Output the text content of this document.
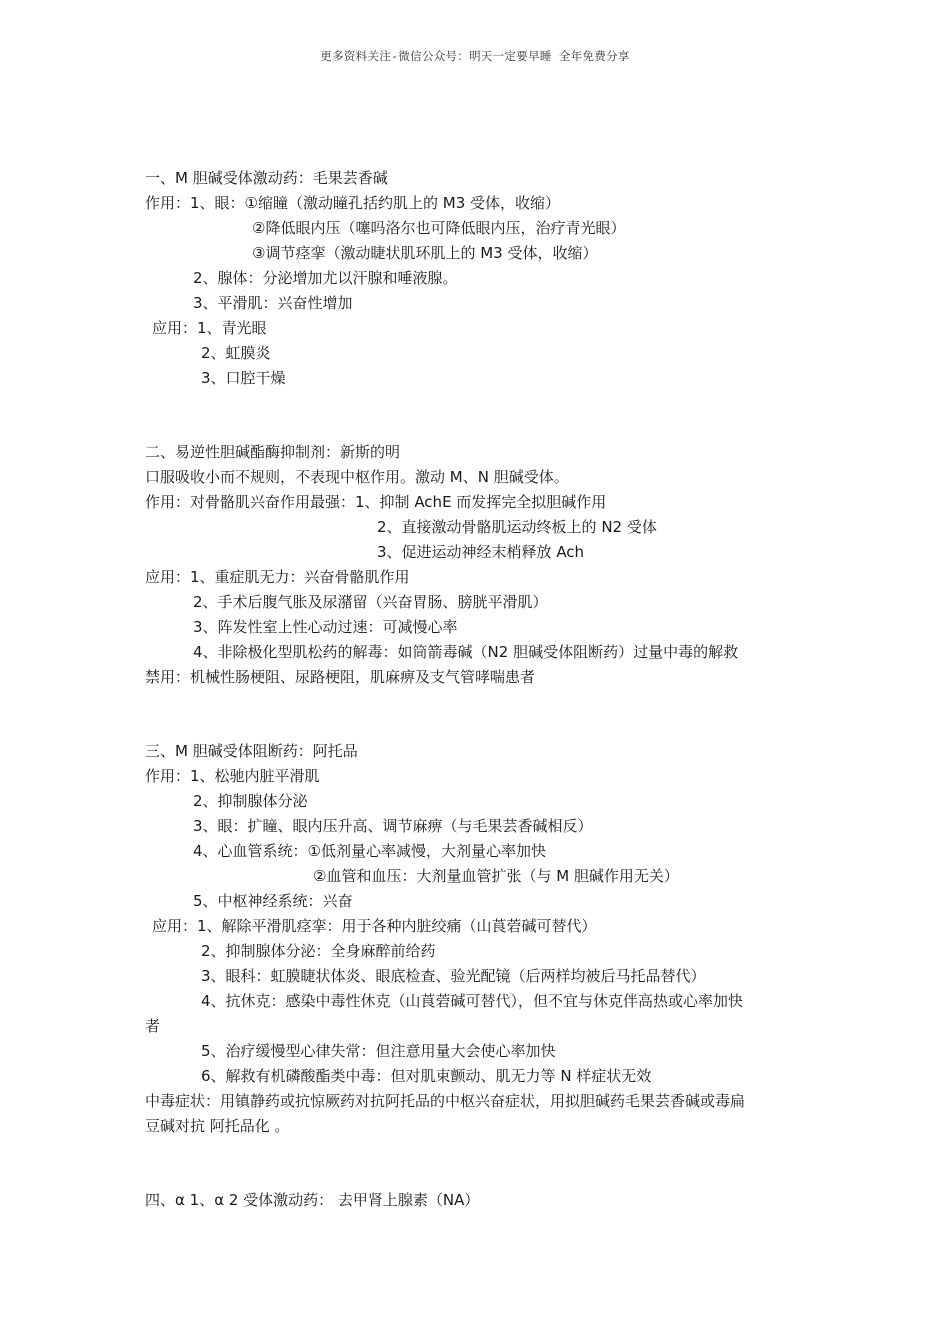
更多资料关注-微信公众号：明天一定要早睡 全年免费分享
一、M 胆碱受体激动药：毛果芸香碱
作用：1、眼：①缩瞳（激动瞳孔括约肌上的 M3 受体，收缩）
②降低眼内压（噻吗洛尔也可降低眼内压，治疗青光眼）
③调节痉挛（激动睫状肌环肌上的 M3 受体，收缩）
2、腺体：分泌增加尤以汗腺和唾液腺。
3、平滑肌：兴奋性增加
应用：1、青光眼
2、虹膜炎
3、口腔干燥
二、易逆性胆碱酯酶抑制剂：新斯的明
口服吸收小而不规则，不表现中枢作用。激动 M、N 胆碱受体。
作用：对骨骼肌兴奋作用最强：1、抑制 AchE 而发挥完全拟胆碱作用
2、直接激动骨骼肌运动终板上的 N2 受体
3、促进运动神经末梢释放 Ach
应用：1、重症肌无力：兴奋骨骼肌作用
2、手术后腹气胀及尿潴留（兴奋胃肠、膀胱平滑肌）
3、阵发性室上性心动过速：可减慢心率
4、非除极化型肌松药的解毒：如筒箭毒碱（N2 胆碱受体阻断药）过量中毒的解救
禁用：机械性肠梗阻、尿路梗阻，肌麻痹及支气管哮喘患者
三、M 胆碱受体阻断药：阿托品
作用：1、松驰内脏平滑肌
2、抑制腺体分泌
3、眼：扩瞳、眼内压升高、调节麻痹（与毛果芸香碱相反）
4、心血管系统：①低剂量心率减慢，大剂量心率加快
②血管和血压：大剂量血管扩张（与 M 胆碱作用无关）
5、中枢神经系统：兴奋
应用：1、解除平滑肌痉挛：用于各种内脏绞痛（山莨菪碱可替代）
2、抑制腺体分泌：全身麻醉前给药
3、眼科：虹膜睫状体炎、眼底检查、验光配镜（后两样均被后马托品替代）
4、抗休克：感染中毒性休克（山莨菪碱可替代），但不宜与休克伴高热或心率加快
者
5、治疗缓慢型心律失常：但注意用量大会使心率加快
6、解救有机磷酸酯类中毒：但对肌束颤动、肌无力等 N 样症状无效
中毒症状：用镇静药或抗惊厥药对抗阿托品的中枢兴奋症状，用拟胆碱药毛果芸香碱或毒扁
豆碱对抗 阿托品化 。
四、α 1、α 2 受体激动药： 去甲肾上腺素（NA）
